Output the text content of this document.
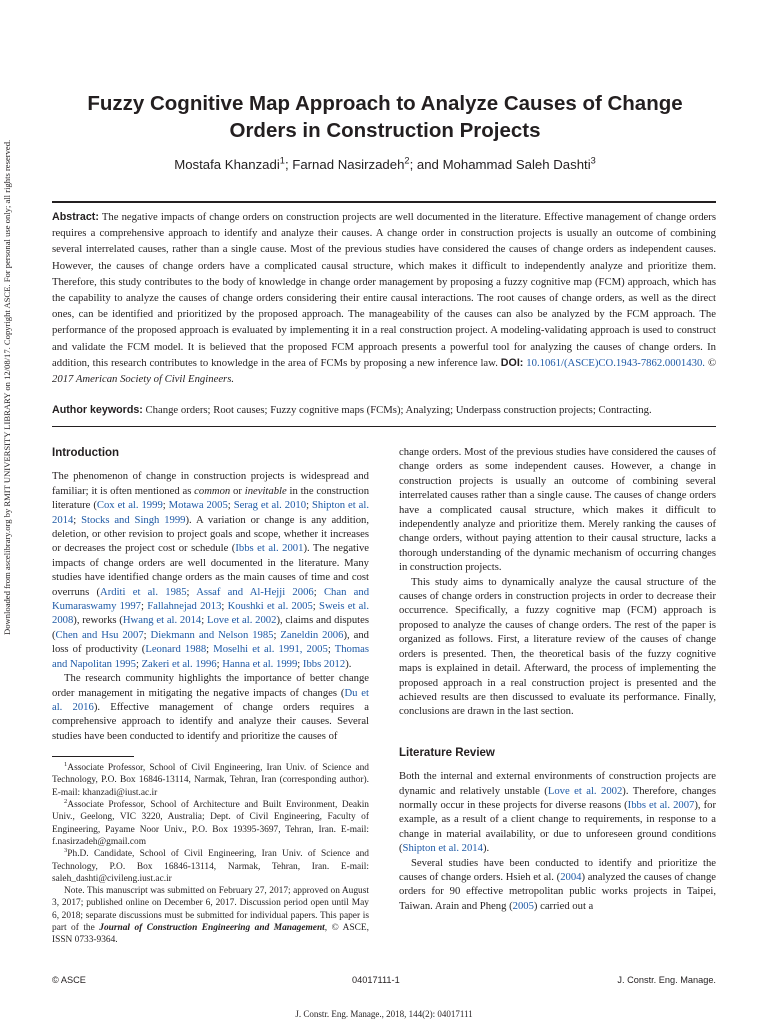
Downloaded from ascelibrary.org by RMIT UNIVERSITY LIBRARY on 12/08/17. Copyright ASCE. For personal use only; all rights reserved.
Fuzzy Cognitive Map Approach to Analyze Causes of Change Orders in Construction Projects
Mostafa Khanzadi$^1$; Farnad Nasirzadeh$^2$; and Mohammad Saleh Dashti$^3$
Abstract: The negative impacts of change orders on construction projects are well documented in the literature. Effective management of change orders requires a comprehensive approach to identify and analyze their causes. A change order in construction projects is usually an outcome of combining several interrelated causes, rather than a single cause. Most of the previous studies have considered the causes of change orders as independent causes. However, the causes of change orders have a complicated causal structure, which makes it difficult to independently analyze and prioritize them. Therefore, this study contributes to the body of knowledge in change order management by proposing a fuzzy cognitive map (FCM) approach, which has the capability to analyze the causes of change orders considering their entire causal interactions. The root causes of change orders, as well as the direct ones, can be identified and prioritized by the proposed approach. The manageability of the causes can also be analyzed by the FCM approach. The performance of the proposed approach is evaluated by implementing it in a real construction project. A modeling-validating approach is used to construct and validate the FCM model. It is believed that the proposed FCM approach presents a powerful tool for analyzing the causes of change orders. In addition, this research contributes to knowledge in the area of FCMs by proposing a new inference law. DOI: 10.1061/(ASCE)CO.1943-7862.0001430. © 2017 American Society of Civil Engineers.
Author keywords: Change orders; Root causes; Fuzzy cognitive maps (FCMs); Analyzing; Underpass construction projects; Contracting.
Introduction

The phenomenon of change in construction projects is widespread and familiar; it is often mentioned as common or inevitable in the construction literature (Cox et al. 1999; Motawa 2005; Serag et al. 2010; Shipton et al. 2014; Stocks and Singh 1999). A variation or change is any addition, deletion, or other revision to project goals and scope, whether it increases or decreases the project cost or schedule (Ibbs et al. 2001). The negative impacts of change orders are well documented in the literature. Many studies have identified change orders as the main causes of time and cost overruns (Arditi et al. 1985; Assaf and Al-Hejji 2006; Chan and Kumaraswamy 1997; Fallahnejad 2013; Koushki et al. 2005; Sweis et al. 2008), reworks (Hwang et al. 2014; Love et al. 2002), claims and disputes (Chen and Hsu 2007; Diekmann and Nelson 1985; Zaneldin 2006), and loss of productivity (Leonard 1988; Moselhi et al. 1991, 2005; Thomas and Napolitan 1995; Zakeri et al. 1996; Hanna et al. 1999; Ibbs 2012).

The research community highlights the importance of better change order management in mitigating the negative impacts of changes (Du et al. 2016). Effective management of change orders requires a comprehensive approach to identify and analyze their causes. Several studies have been conducted to identify and prioritize the causes of

$^1$Associate Professor, School of Civil Engineering, Iran Univ. of Science and Technology, P.O. Box 16846-13114, Narmak, Tehran, Iran (corresponding author). E-mail: khanzadi@iust.ac.ir

$^2$Associate Professor, School of Architecture and Built Environment, Deakin Univ., Geelong, VIC 3220, Australia; Dept. of Civil Engineering, Faculty of Engineering, Payame Noor Univ., P.O. Box 19395-3697, Tehran, Iran. E-mail: f.nasirzadeh@gmail.com

$^3$Ph.D. Candidate, School of Civil Engineering, Iran Univ. of Science and Technology, P.O. Box 16846-13114, Narmak, Tehran, Iran. E-mail: saleh_dashti@civileng.iust.ac.ir

Note. This manuscript was submitted on February 27, 2017; approved on August 3, 2017; published online on December 6, 2017. Discussion period open until May 6, 2018; separate discussions must be submitted for individual papers. This paper is part of the Journal of Construction Engineering and Management, © ASCE, ISSN 0733-9364.

change orders. Most of the previous studies have considered the causes of change orders as some independent causes. However, a change in construction projects is usually an outcome of combining several interrelated causes rather than a single cause. The causes of change orders have a complicated causal structure, which makes it difficult to independently analyze and prioritize them. Merely ranking the causes of change orders, without paying attention to their causal structure, lacks a thorough understanding of the dynamic mechanism of occurring changes in construction projects.

This study aims to dynamically analyze the causal structure of the causes of change orders in construction projects in order to decrease their occurrence. Specifically, a fuzzy cognitive map (FCM) approach is proposed to analyze the causes of change orders. The rest of the paper is organized as follows. First, a literature review of the causes of change orders is presented. Then, the theoretical basis of the fuzzy cognitive maps is explained in detail. Afterward, the process of implementing the proposed approach in a real construction project is presented and the achieved results are then discussed to evaluate its performance. Finally, conclusions are drawn in the last section.

Literature Review

Both the internal and external environments of construction projects are dynamic and relatively unstable (Love et al. 2002). Therefore, changes normally occur in these projects for diverse reasons (Ibbs et al. 2007), for example, as a result of a client change to requirements, in response to a change in material availability, or due to unforeseen ground conditions (Shipton et al. 2014).

Several studies have been conducted to identify and prioritize the causes of change orders. Hsieh et al. (2004) analyzed the causes of change orders for 90 effective metropolitan public works projects in Taipei, Taiwan. Arain and Pheng (2005) carried out a

© ASCE	04017111-1	J. Constr. Eng. Manage.
J. Constr. Eng. Manage., 2018, 144(2): 04017111
